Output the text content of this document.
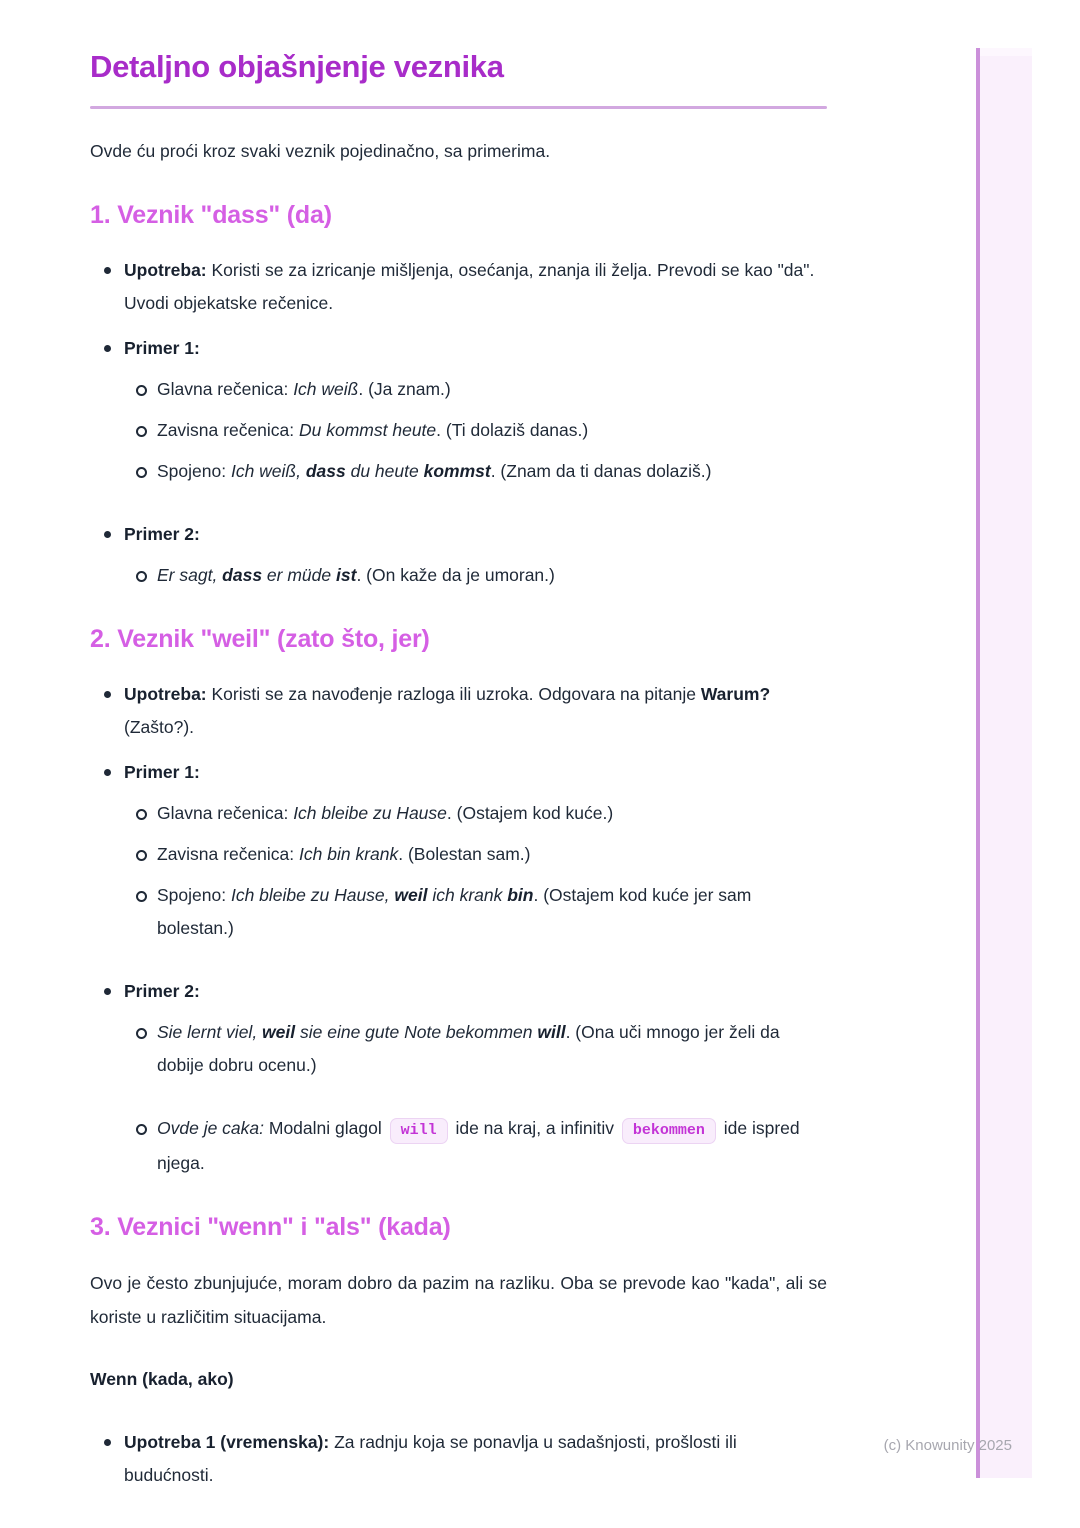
Detaljno objašnjenje veznika

Ovde ću proći kroz svaki veznik pojedinačno, sa primerima.

1. Veznik "dass" (da)
Upotreba: Koristi se za izricanje mišljenja, osećanja, znanja ili želja. Prevodi se kao "da". Uvodi objekatske rečenice.
Primer 1:
Glavna rečenica: Ich weiß. (Ja znam.)
Zavisna rečenica: Du kommst heute. (Ti dolaziš danas.)
Spojeno: Ich weiß, dass du heute kommst. (Znam da ti danas dolaziš.)
Primer 2:
Er sagt, dass er müde ist. (On kaže da je umoran.)
2. Veznik "weil" (zato što, jer)
Upotreba: Koristi se za navođenje razloga ili uzroka. Odgovara na pitanje Warum? (Zašto?).
Primer 1:
Glavna rečenica: Ich bleibe zu Hause. (Ostajem kod kuće.)
Zavisna rečenica: Ich bin krank. (Bolestan sam.)
Spojeno: Ich bleibe zu Hause, weil ich krank bin. (Ostajem kod kuće jer sam bolestan.)
Primer 2:
Sie lernt viel, weil sie eine gute Note bekommen will. (Ona uči mnogo jer želi da dobije dobru ocenu.)
Ovde je caka: Modalni glagol will ide na kraj, a infinitiv bekommen ide ispred njega.
3. Veznici "wenn" i "als" (kada)

Ovo je često zbunjujuće, moram dobro da pazim na razliku. Oba se prevode kao "kada", ali se koriste u različitim situacijama.

Wenn (kada, ako)

Upotreba 1 (vremenska): Za radnju koja se ponavlja u sadašnjosti, prošlosti ili budućnosti.
(c) Knowunity 2025
